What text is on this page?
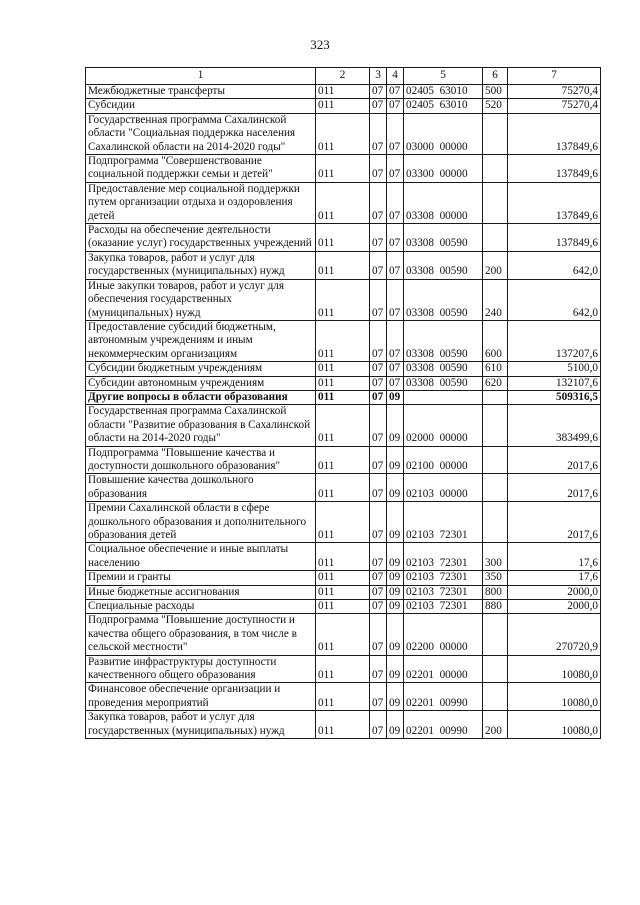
323
1	2	3	4	5	6	7
Межбюджетные трансферты	011	07	07	02405  63010	500	75270,4
Субсидии	011	07	07	02405  63010	520	75270,4
Государственная программа Сахалинской области "Социальная поддержка населения Сахалинской области на 2014-2020 годы"	011	07	07	03000  00000		137849,6
Подпрограмма "Совершенствование социальной поддержки семьи и детей"	011	07	07	03300  00000		137849,6
Предоставление мер социальной поддержки путем организации отдыха и оздоровления детей	011	07	07	03308  00000		137849,6
Расходы на обеспечение деятельности (оказание услуг) государственных учреждений	011	07	07	03308  00590		137849,6
Закупка товаров, работ и услуг для государственных (муниципальных) нужд	011	07	07	03308  00590	200	642,0
Иные закупки товаров, работ и услуг для обеспечения государственных (муниципальных) нужд	011	07	07	03308  00590	240	642,0
Предоставление субсидий бюджетным, автономным учреждениям и иным некоммерческим организациям	011	07	07	03308  00590	600	137207,6
Субсидии бюджетным учреждениям	011	07	07	03308  00590	610	5100,0
Субсидии автономным учреждениям	011	07	07	03308  00590	620	132107,6
Другие вопросы в области образования	011	07	09			509316,5
Государственная программа Сахалинской области "Развитие образования в Сахалинской области на 2014-2020 годы"	011	07	09	02000  00000		383499,6
Подпрограмма "Повышение качества и доступности дошкольного образования"	011	07	09	02100  00000		2017,6
Повышение качества дошкольного образования	011	07	09	02103  00000		2017,6
Премии Сахалинской области в сфере дошкольного образования и дополнительного образования детей	011	07	09	02103  72301		2017,6
Социальное обеспечение и иные выплаты населению	011	07	09	02103  72301	300	17,6
Премии и гранты	011	07	09	02103  72301	350	17,6
Иные бюджетные ассигнования	011	07	09	02103  72301	800	2000,0
Специальные расходы	011	07	09	02103  72301	880	2000,0
Подпрограмма "Повышение доступности и качества общего образования, в том числе в сельской местности"	011	07	09	02200  00000		270720,9
Развитие инфраструктуры доступности качественного общего образования	011	07	09	02201  00000		10080,0
Финансовое обеспечение организации и проведения мероприятий	011	07	09	02201  00990		10080,0
Закупка товаров, работ и услуг для государственных (муниципальных) нужд	011	07	09	02201  00990	200	10080,0
